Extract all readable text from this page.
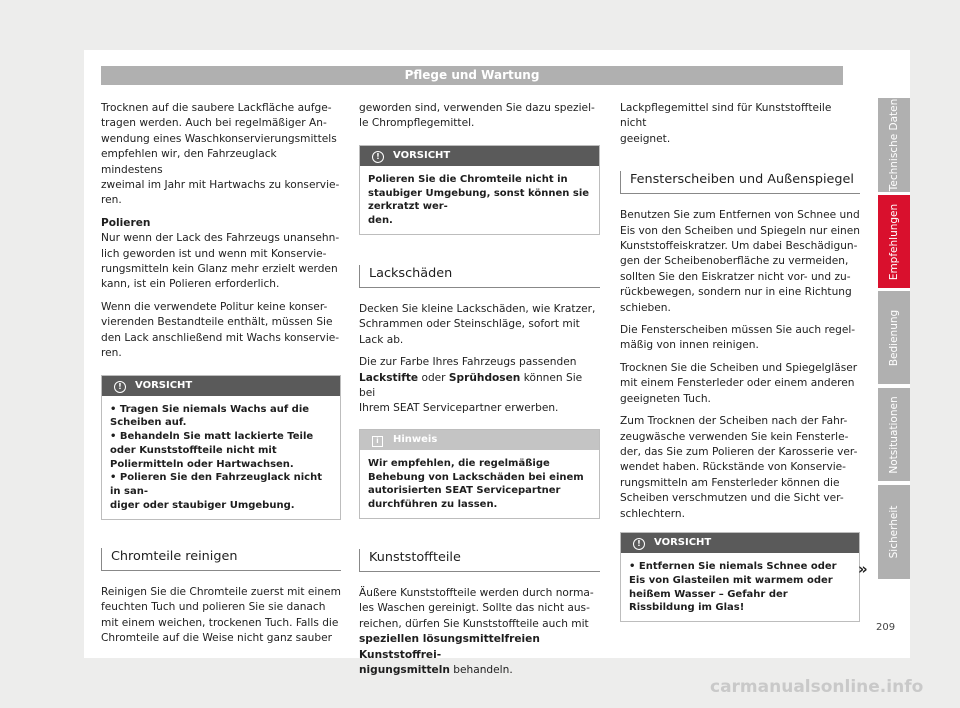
Pflege und Wartung

Trocknen auf die saubere Lackfläche aufge-
tragen werden. Auch bei regelmäßiger An-
wendung eines Waschkonservierungsmittels
empfehlen wir, den Fahrzeuglack mindestens
zweimal im Jahr mit Hartwachs zu konservie-
ren.

Polieren

Nur wenn der Lack des Fahrzeugs unansehn-
lich geworden ist und wenn mit Konservie-
rungsmitteln kein Glanz mehr erzielt werden
kann, ist ein Polieren erforderlich.

Wenn die verwendete Politur keine konser-
vierenden Bestandteile enthält, müssen Sie
den Lack anschließend mit Wachs konservie-
ren.

! VORSICHT
• Tragen Sie niemals Wachs auf die Scheiben auf.
• Behandeln Sie matt lackierte Teile oder Kunststoffteile nicht mit Poliermitteln oder Hartwachsen.
• Polieren Sie den Fahrzeuglack nicht in san-
diger oder staubiger Umgebung.
Chromteile reinigen

Reinigen Sie die Chromteile zuerst mit einem
feuchten Tuch und polieren Sie sie danach
mit einem weichen, trockenen Tuch. Falls die
Chromteile auf die Weise nicht ganz sauber

geworden sind, verwenden Sie dazu speziel-
le Chrompflegemittel.

! VORSICHT
Polieren Sie die Chromteile nicht in staubiger Umgebung, sonst können sie zerkratzt wer-
den.
Lackschäden

Decken Sie kleine Lackschäden, wie Kratzer,
Schrammen oder Steinschläge, sofort mit
Lack ab.

Die zur Farbe Ihres Fahrzeugs passenden
Lackstifte oder Sprühdosen können Sie bei
Ihrem SEAT Servicepartner erwerben.

i Hinweis
Wir empfehlen, die regelmäßige Behebung von Lackschäden bei einem autorisierten SEAT Servicepartner durchführen zu lassen.
Kunststoffteile

Äußere Kunststoffteile werden durch norma-
les Waschen gereinigt. Sollte das nicht aus-
reichen, dürfen Sie Kunststoffteile auch mit
speziellen lösungsmittelfreien Kunststoffrei-
nigungsmitteln behandeln.

Lackpflegemittel sind für Kunststoffteile nicht
geeignet.

Fensterscheiben und Außenspiegel

Benutzen Sie zum Entfernen von Schnee und
Eis von den Scheiben und Spiegeln nur einen
Kunststoffeiskratzer. Um dabei Beschädigun-
gen der Scheibenoberfläche zu vermeiden,
sollten Sie den Eiskratzer nicht vor- und zu-
rückbewegen, sondern nur in eine Richtung
schieben.

Die Fensterscheiben müssen Sie auch regel-
mäßig von innen reinigen.

Trocknen Sie die Scheiben und Spiegelgläser
mit einem Fensterleder oder einem anderen
geeigneten Tuch.

Zum Trocknen der Scheiben nach der Fahr-
zeugwäsche verwenden Sie kein Fensterle-
der, das Sie zum Polieren der Karosserie ver-
wendet haben. Rückstände von Konservie-
rungsmitteln am Fensterleder können die
Scheiben verschmutzen und die Sicht ver-
schlechtern.

! VORSICHT
• Entfernen Sie niemals Schnee oder Eis von Glasteilen mit warmem oder heißem Wasser – Gefahr der Rissbildung im Glas!
»
Technische Daten
Empfehlungen
Bedienung
Notsituationen
Sicherheit
209
carmanualsonline.info
